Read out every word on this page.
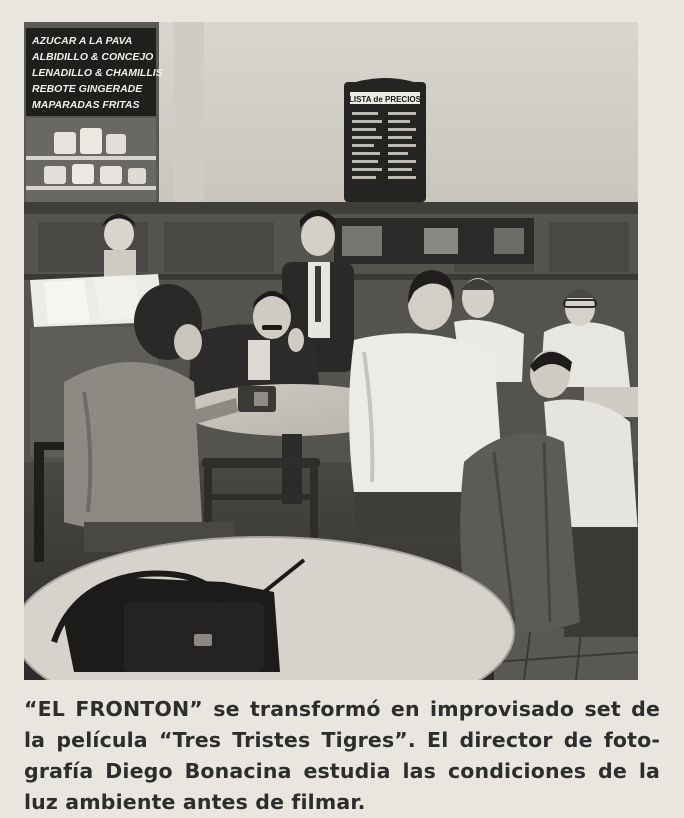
AZUCAR A LA PAVA
ALBIDILLO & CONCEJO
LENADILLO & CHAMILLIS
REBOTE GINGERADE
MAPARADAS FRITAS	LISTA de PRECIOS
“EL FRONTON” se transformó en improvisado set de
la película “Tres Tristes Tigres”. El director de foto-
grafía Diego Bonacina estudia las condiciones de la
luz ambiente antes de filmar.
